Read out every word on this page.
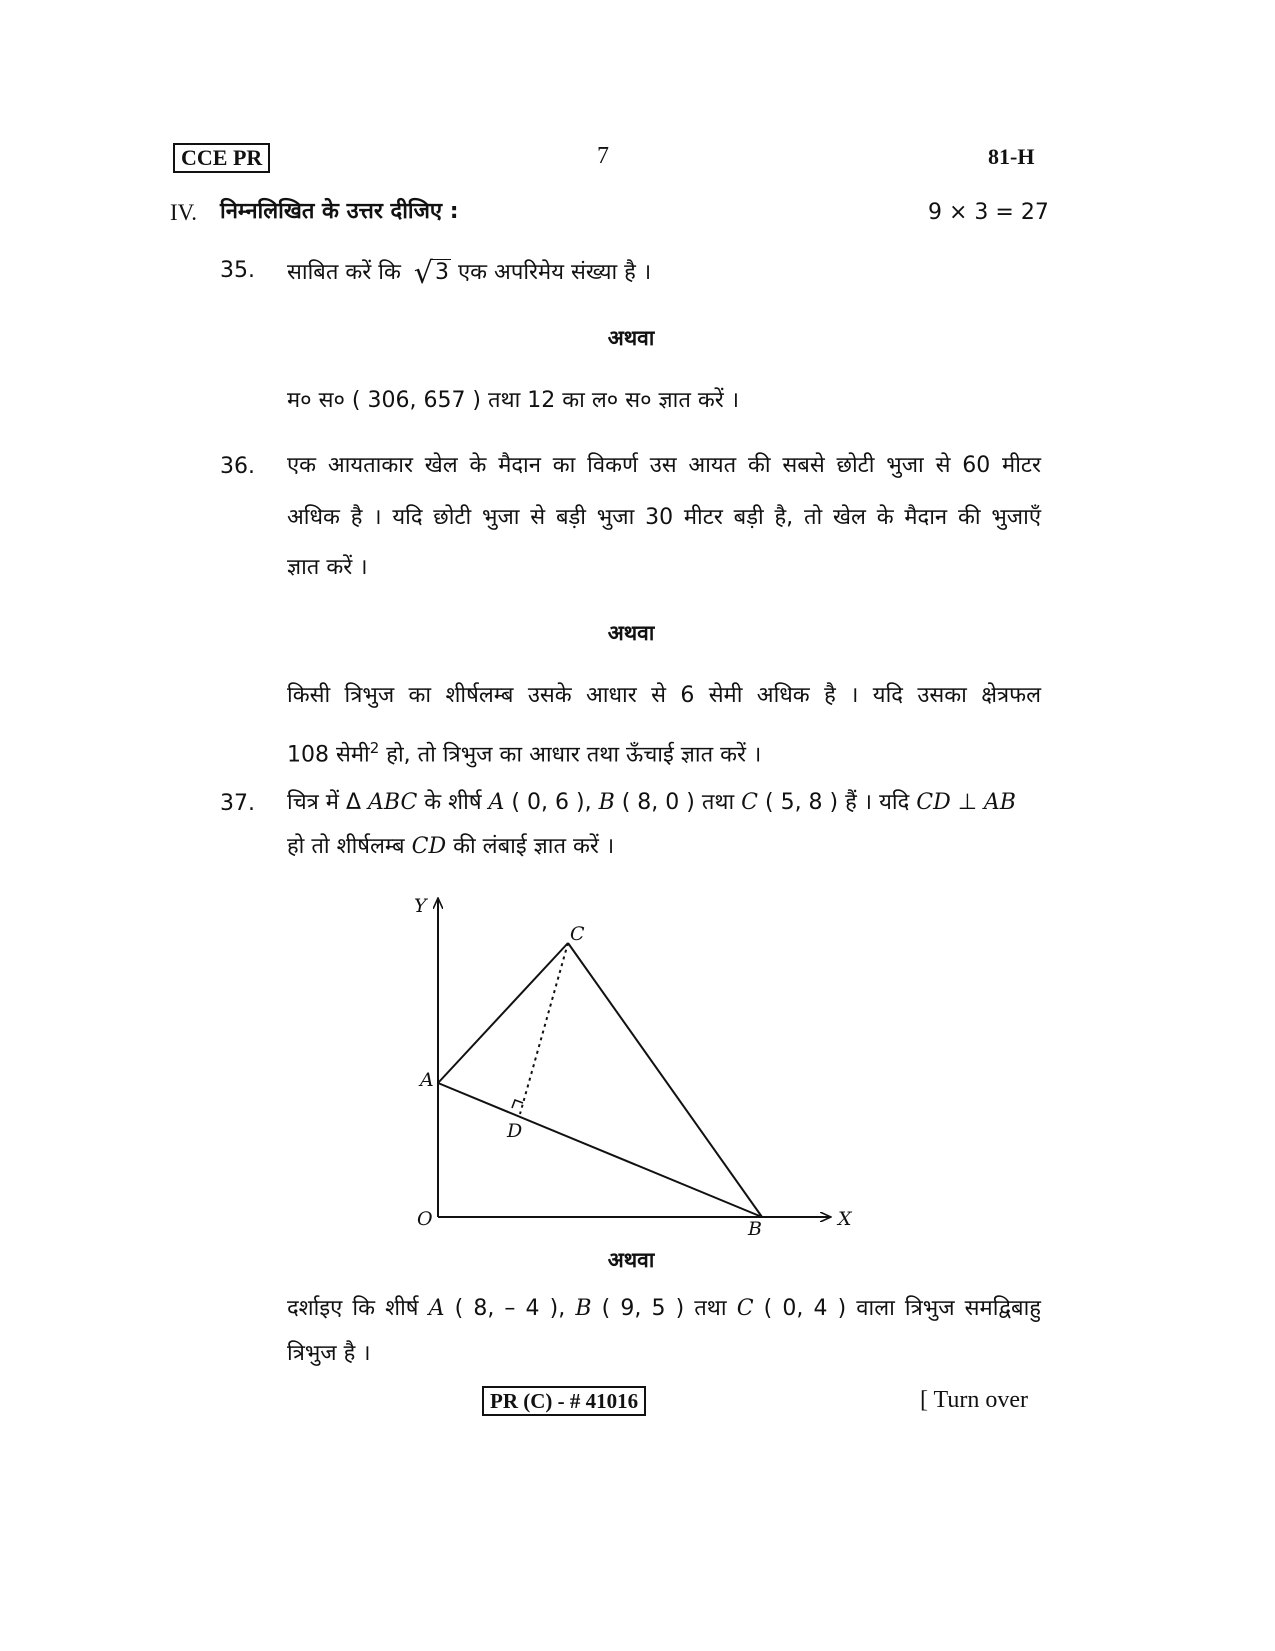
CCE PR	7	81-H
IV. निम्नलिखित के उत्तर दीजिए :	9 × 3 = 27
35. साबित करें कि √3 एक अपरिमेय संख्या है ।
अथवा
म० स० ( 306, 657 ) तथा 12 का ल० स० ज्ञात करें ।
36. एक आयताकार खेल के मैदान का विकर्ण उस आयत की सबसे छोटी भुजा से 60 मीटर
अधिक है । यदि छोटी भुजा से बड़ी भुजा 30 मीटर बड़ी है, तो खेल के मैदान की भुजाएँ
ज्ञात करें ।
अथवा
किसी त्रिभुज का शीर्षलम्ब उसके आधार से 6 सेमी अधिक है । यदि उसका क्षेत्रफल
108 सेमी$^2$ हो, तो त्रिभुज का आधार तथा ऊँचाई ज्ञात करें ।
37. चित्र में Δ ABC के शीर्ष A ( 0, 6 ), B ( 8, 0 ) तथा C ( 5, 8 ) हैं । यदि CD ⊥ AB
हो तो शीर्षलम्ब CD की लंबाई ज्ञात करें ।
Y
X
O
A
B
C
D
अथवा
दर्शाइए कि शीर्ष A ( 8, – 4 ), B ( 9, 5 ) तथा C ( 0, 4 ) वाला त्रिभुज समद्विबाहु
त्रिभुज है ।
PR (C) - # 41016	[ Turn over
